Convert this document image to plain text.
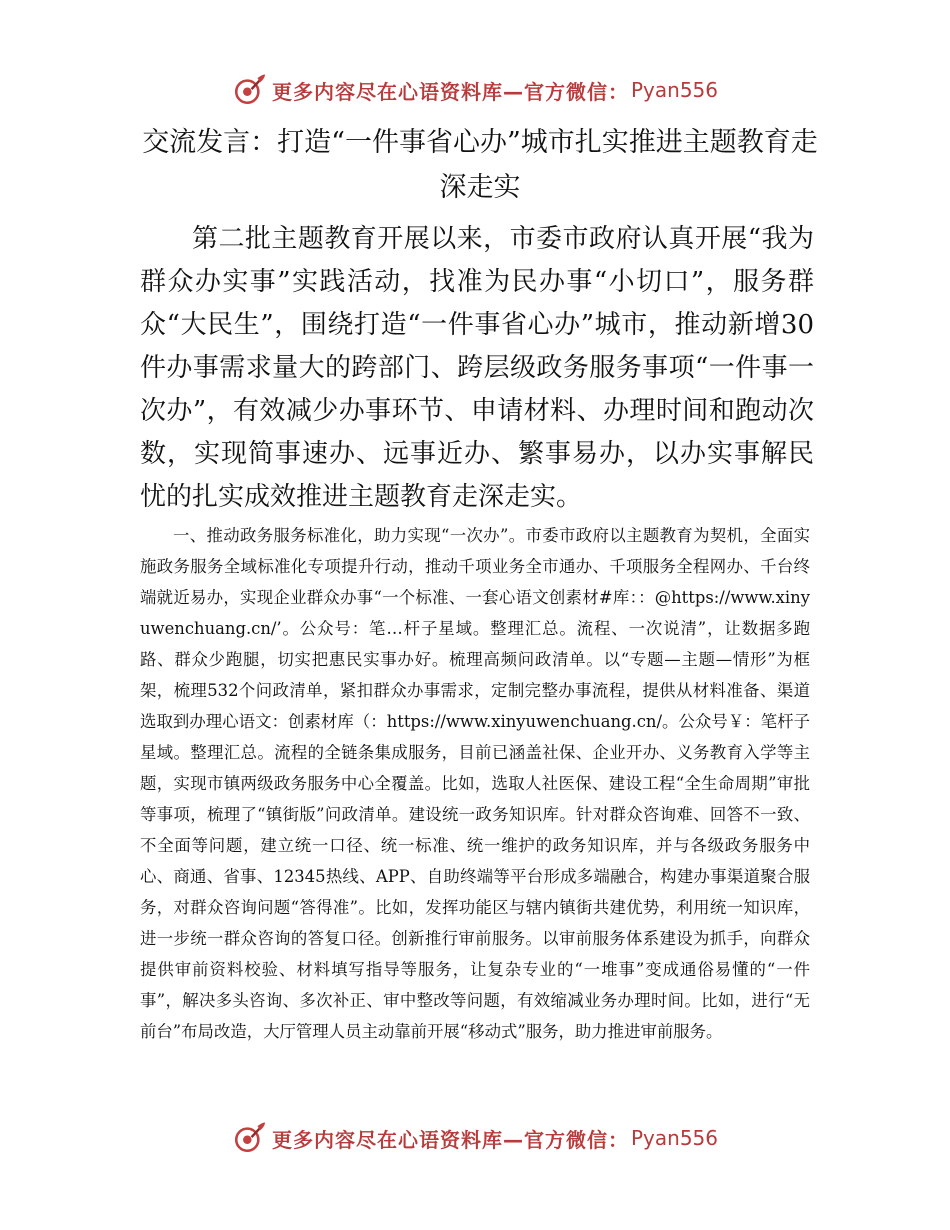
更多内容尽在心语资料库—官方微信： Pyan556
交流发言：打造“一件事省心办”城市扎实推进主题教育走深走实

第二批主题教育开展以来，市委市政府认真开展“我为群众办实事”实践活动，找准为民办事“小切口”，服务群众“大民生”，围绕打造“一件事省心办”城市，推动新增30件办事需求量大的跨部门、跨层级政务服务事项“一件事一次办”，有效减少办事环节、申请材料、办理时间和跑动次数，实现简事速办、远事近办、繁事易办，以办实事解民忧的扎实成效推进主题教育走深走实。

一、推动政务服务标准化，助力实现“一次办”。市委市政府以主题教育为契机，全面实施政务服务全域标准化专项提升行动，推动千项业务全市通办、千项服务全程网办、千台终端就近易办，实现企业群众办事“一个标准、一套心语文创素材#库：：@https://www.xinyuwenchuang.cn/’。公众号：笔…杆子星域。整理汇总。流程、一次说清”，让数据多跑路、群众少跑腿，切实把惠民实事办好。梳理高频问政清单。以“专题—主题—情形”为框架，梳理532个问政清单，紧扣群众办事需求，定制完整办事流程，提供从材料准备、渠道选取到办理心语文：创素材库（：https://www.xinyuwenchuang.cn/。公众号￥：笔杆子星域。整理汇总。流程的全链条集成服务，目前已涵盖社保、企业开办、义务教育入学等主题，实现市镇两级政务服务中心全覆盖。比如，选取人社医保、建设工程“全生命周期”审批等事项，梳理了“镇街版”问政清单。建设统一政务知识库。针对群众咨询难、回答不一致、不全面等问题，建立统一口径、统一标准、统一维护的政务知识库，并与各级政务服务中心、商通、省事、12345热线、APP、自助终端等平台形成多端融合，构建办事渠道聚合服务，对群众咨询问题“答得准”。比如，发挥功能区与辖内镇街共建优势，利用统一知识库，进一步统一群众咨询的答复口径。创新推行审前服务。以审前服务体系建设为抓手，向群众提供审前资料校验、材料填写指导等服务，让复杂专业的“一堆事”变成通俗易懂的“一件事”，解决多头咨询、多次补正、审中整改等问题，有效缩减业务办理时间。比如，进行“无前台”布局改造，大厅管理人员主动靠前开展“移动式”服务，助力推进审前服务。

更多内容尽在心语资料库—官方微信： Pyan556
